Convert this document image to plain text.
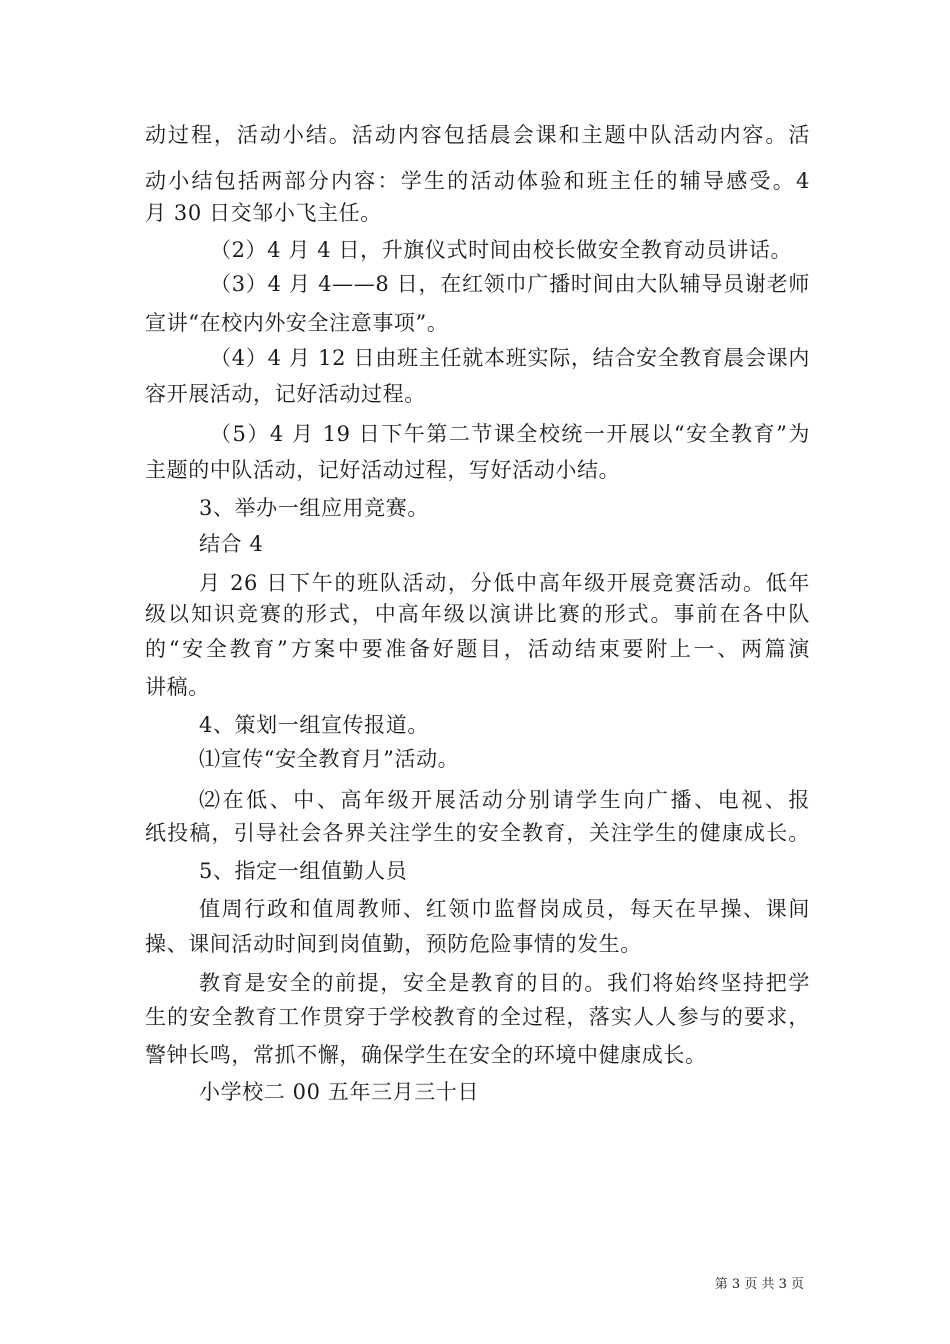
动过程，活动小结。活动内容包括晨会课和主题中队活动内容。活
动小结包括两部分内容：学生的活动体验和班主任的辅导感受。4
月 30 日交邹小飞主任。
（2）4 月 4 日，升旗仪式时间由校长做安全教育动员讲话。
（3）4 月 4——8 日，在红领巾广播时间由大队辅导员谢老师
宣讲“在校内外安全注意事项”。
（4）4 月 12 日由班主任就本班实际，结合安全教育晨会课内
容开展活动，记好活动过程。
（5）4 月 19 日下午第二节课全校统一开展以“安全教育”为
主题的中队活动，记好活动过程，写好活动小结。
3、举办一组应用竞赛。
结合 4
月 26 日下午的班队活动，分低中高年级开展竞赛活动。低年
级以知识竞赛的形式，中高年级以演讲比赛的形式。事前在各中队
的“安全教育”方案中要准备好题目，活动结束要附上一、两篇演
讲稿。
4、策划一组宣传报道。
⑴宣传“安全教育月”活动。
⑵在低、中、高年级开展活动分别请学生向广播、电视、报
纸投稿，引导社会各界关注学生的安全教育，关注学生的健康成长。
5、指定一组值勤人员
值周行政和值周教师、红领巾监督岗成员，每天在早操、课间
操、课间活动时间到岗值勤，预防危险事情的发生。
教育是安全的前提，安全是教育的目的。我们将始终坚持把学
生的安全教育工作贯穿于学校教育的全过程，落实人人参与的要求，
警钟长鸣，常抓不懈，确保学生在安全的环境中健康成长。
小学校二 00 五年三月三十日
第 3 页 共 3 页
